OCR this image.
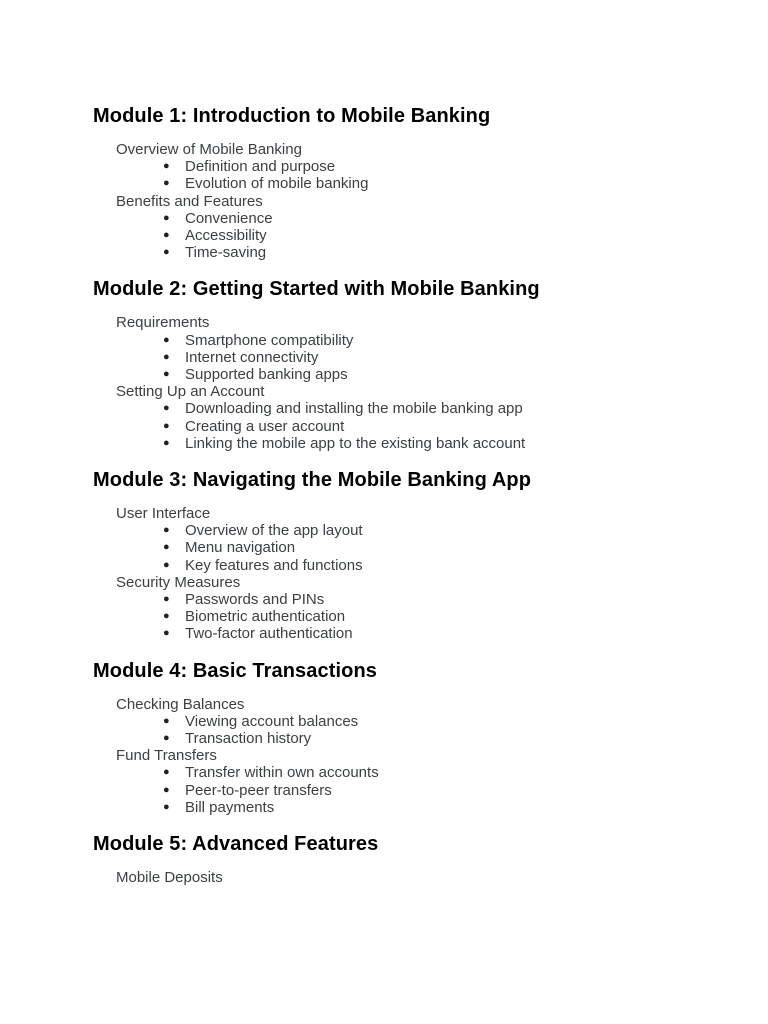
Module 1: Introduction to Mobile Banking
Overview of Mobile Banking
● Definition and purpose
● Evolution of mobile banking
Benefits and Features
● Convenience
● Accessibility
● Time-saving
Module 2: Getting Started with Mobile Banking
Requirements
● Smartphone compatibility
● Internet connectivity
● Supported banking apps
Setting Up an Account
● Downloading and installing the mobile banking app
● Creating a user account
● Linking the mobile app to the existing bank account
Module 3: Navigating the Mobile Banking App
User Interface
● Overview of the app layout
● Menu navigation
● Key features and functions
Security Measures
● Passwords and PINs
● Biometric authentication
● Two-factor authentication
Module 4: Basic Transactions
Checking Balances
● Viewing account balances
● Transaction history
Fund Transfers
● Transfer within own accounts
● Peer-to-peer transfers
● Bill payments
Module 5: Advanced Features
Mobile Deposits
